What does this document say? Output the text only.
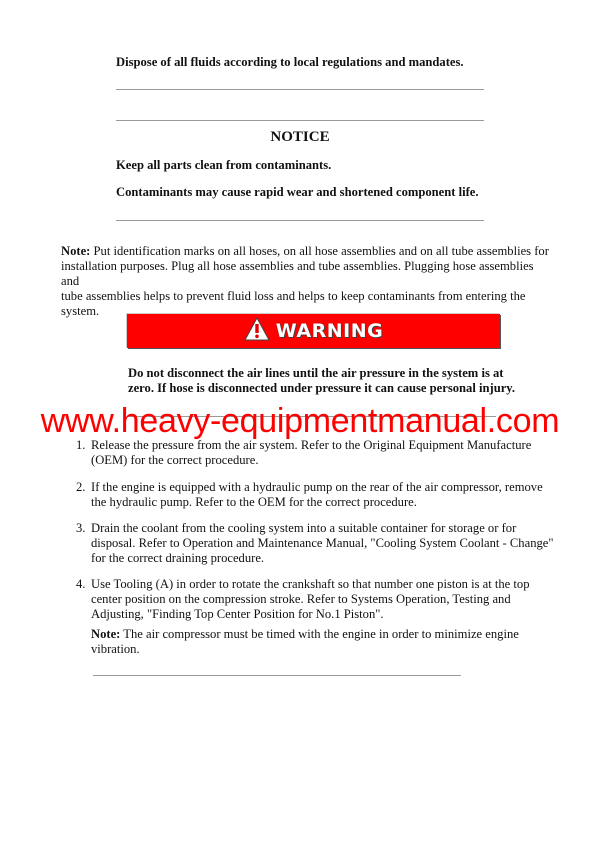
Dispose of all fluids according to local regulations and mandates.
NOTICE
Keep all parts clean from contaminants.
Contaminants may cause rapid wear and shortened component life.
Note: Put identification marks on all hoses, on all hose assemblies and on all tube assemblies for
installation purposes. Plug all hose assemblies and tube assemblies. Plugging hose assemblies and
tube assemblies helps to prevent fluid loss and helps to keep contaminants from entering the
system.
WARNING
Do not disconnect the air lines until the air pressure in the system is at
zero. If hose is disconnected under pressure it can cause personal injury.
www.heavy-equipmentmanual.com
1. Release the pressure from the air system. Refer to the Original Equipment Manufacture
(OEM) for the correct procedure.
2. If the engine is equipped with a hydraulic pump on the rear of the air compressor, remove
the hydraulic pump. Refer to the OEM for the correct procedure.
3. Drain the coolant from the cooling system into a suitable container for storage or for
disposal. Refer to Operation and Maintenance Manual, "Cooling System Coolant - Change"
for the correct draining procedure.
4. Use Tooling (A) in order to rotate the crankshaft so that number one piston is at the top
center position on the compression stroke. Refer to Systems Operation, Testing and
Adjusting, "Finding Top Center Position for No.1 Piston".
Note: The air compressor must be timed with the engine in order to minimize engine
vibration.
